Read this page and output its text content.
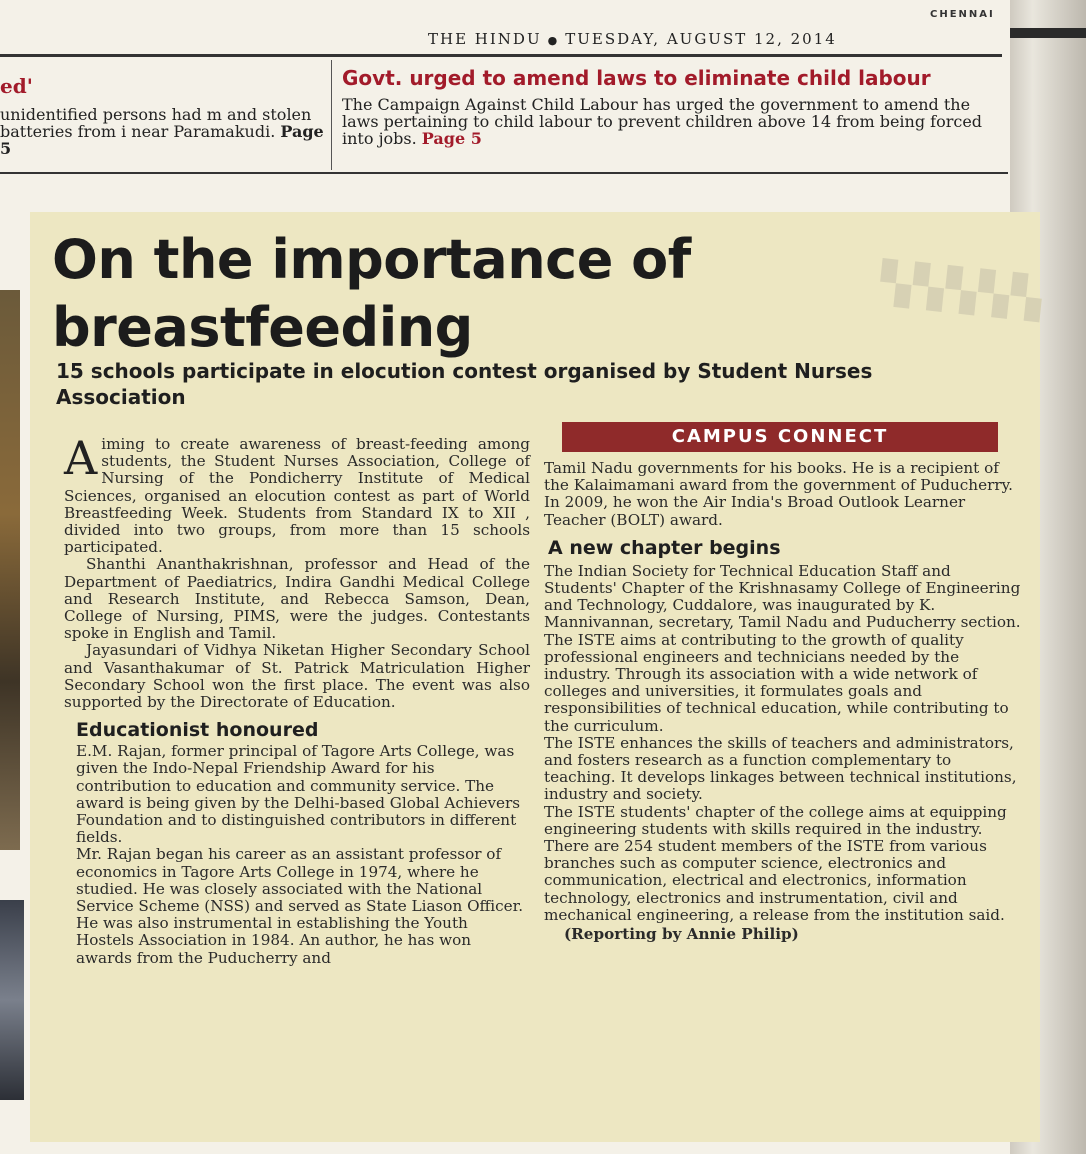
CHENNAI
THE HINDU ● TUESDAY, AUGUST 12, 2014
ed'
unidentified persons had m and stolen batteries from i near Paramakudi. Page 5
Govt. urged to amend laws to eliminate child labour
The Campaign Against Child Labour has urged the government to amend the laws pertaining to child labour to prevent children above 14 from being forced into jobs. Page 5
▚▚▚▚▚
On the importance of breastfeeding
15 schools participate in elocution contest organised by Student Nurses Association

Aiming to create awareness of breast-feeding among students, the Student Nurses Association, College of Nursing of the Pondicherry Institute of Medical Sciences, organised an elocution contest as part of World Breastfeeding Week. Students from Standard IX to XII , divided into two groups, from more than 15 schools participated.

Shanthi Ananthakrishnan, professor and Head of the Department of Paediatrics, Indira Gandhi Medical College and Research Institute, and Rebecca Samson, Dean, College of Nursing, PIMS, were the judges. Contestants spoke in English and Tamil.

Jayasundari of Vidhya Niketan Higher Secondary School and Vasanthakumar of St. Patrick Matriculation Higher Secondary School won the first place. The event was also supported by the Directorate of Education.

Educationist honoured

E.M. Rajan, former principal of Tagore Arts College, was given the Indo-Nepal Friendship Award for his contribution to education and community service. The award is being given by the Delhi-based Global Achievers Foundation and to distinguished contributors in different fields.

Mr. Rajan began his career as an assistant professor of economics in Tagore Arts College in 1974, where he studied. He was closely associated with the National Service Scheme (NSS) and served as State Liason Officer. He was also instrumental in establishing the Youth Hostels Association in 1984. An author, he has won awards from the Puducherry and

CAMPUS CONNECT

Tamil Nadu governments for his books. He is a recipient of the Kalaimamani award from the government of Puducherry. In 2009, he won the Air India's Broad Outlook Learner Teacher (BOLT) award.

A new chapter begins

The Indian Society for Technical Education Staff and Students' Chapter of the Krishnasamy College of Engineering and Technology, Cuddalore, was inaugurated by K. Mannivannan, secretary, Tamil Nadu and Puducherry section. The ISTE aims at contributing to the growth of quality professional engineers and technicians needed by the industry. Through its association with a wide network of colleges and universities, it formulates goals and responsibilities of technical education, while contributing to the curriculum.

The ISTE enhances the skills of teachers and administrators, and fosters research as a function complementary to teaching. It develops linkages between technical institutions, industry and society.

The ISTE students' chapter of the college aims at equipping engineering students with skills required in the industry. There are 254 student members of the ISTE from various branches such as computer science, electronics and communication, electrical and electronics, information technology, electronics and instrumentation, civil and mechanical engineering, a release from the institution said.

(Reporting by Annie Philip)
